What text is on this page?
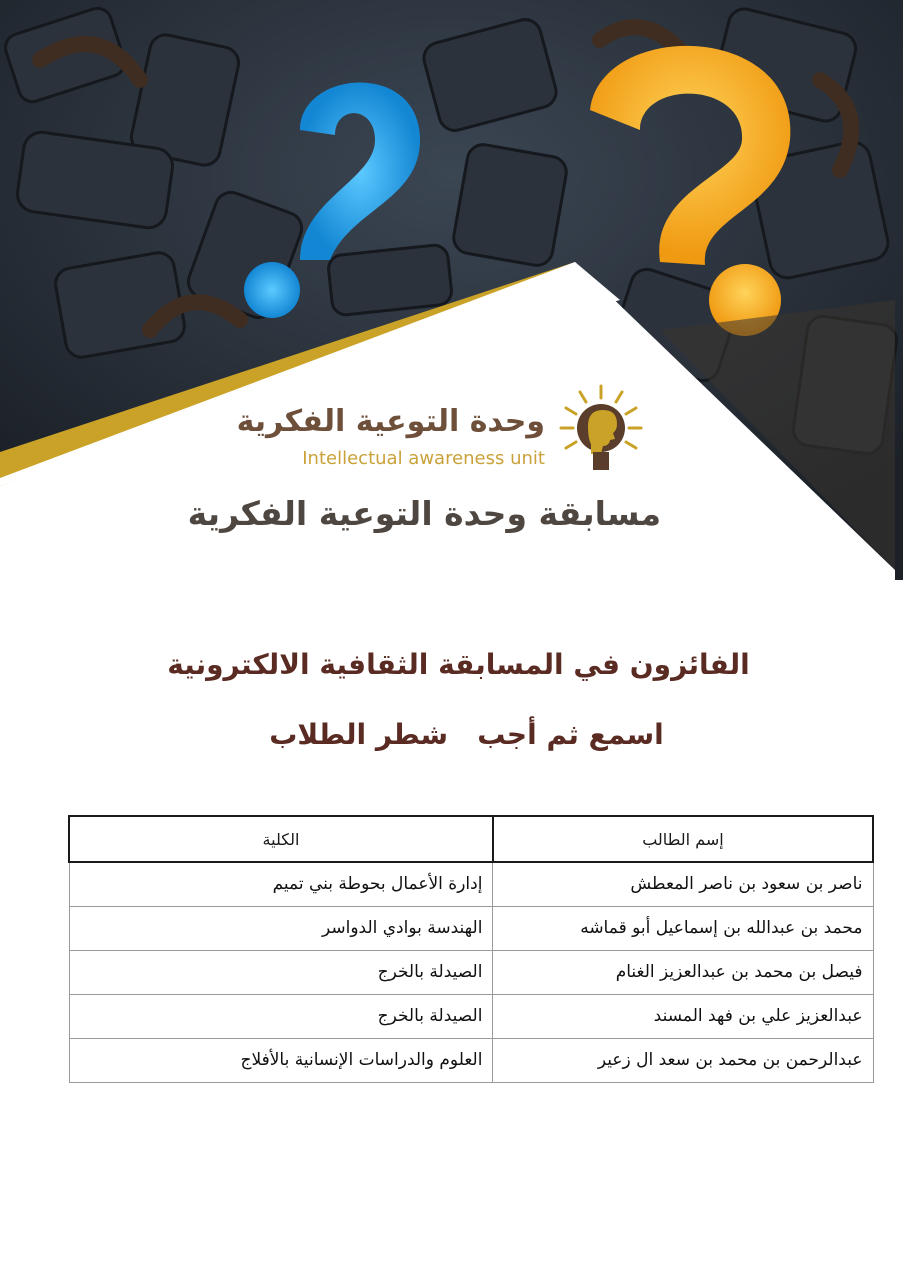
وحدة التوعية الفكرية
Intellectual awareness unit
مسابقة وحدة التوعية الفكرية
الفائزون في المسابقة الثقافية الالكترونية
اسمع ثم أجب   شطر الطلاب
إسم الطالب	الكلية
ناصر بن سعود بن ناصر المعطش	إدارة الأعمال بحوطة بني تميم
محمد بن عبدالله بن إسماعيل أبو قماشه	الهندسة بوادي الدواسر
فيصل بن محمد بن عبدالعزيز الغنام	الصيدلة بالخرج
عبدالعزيز علي بن فهد المسند	الصيدلة بالخرج
عبدالرحمن بن محمد بن سعد ال زعير	العلوم والدراسات الإنسانية بالأفلاج
